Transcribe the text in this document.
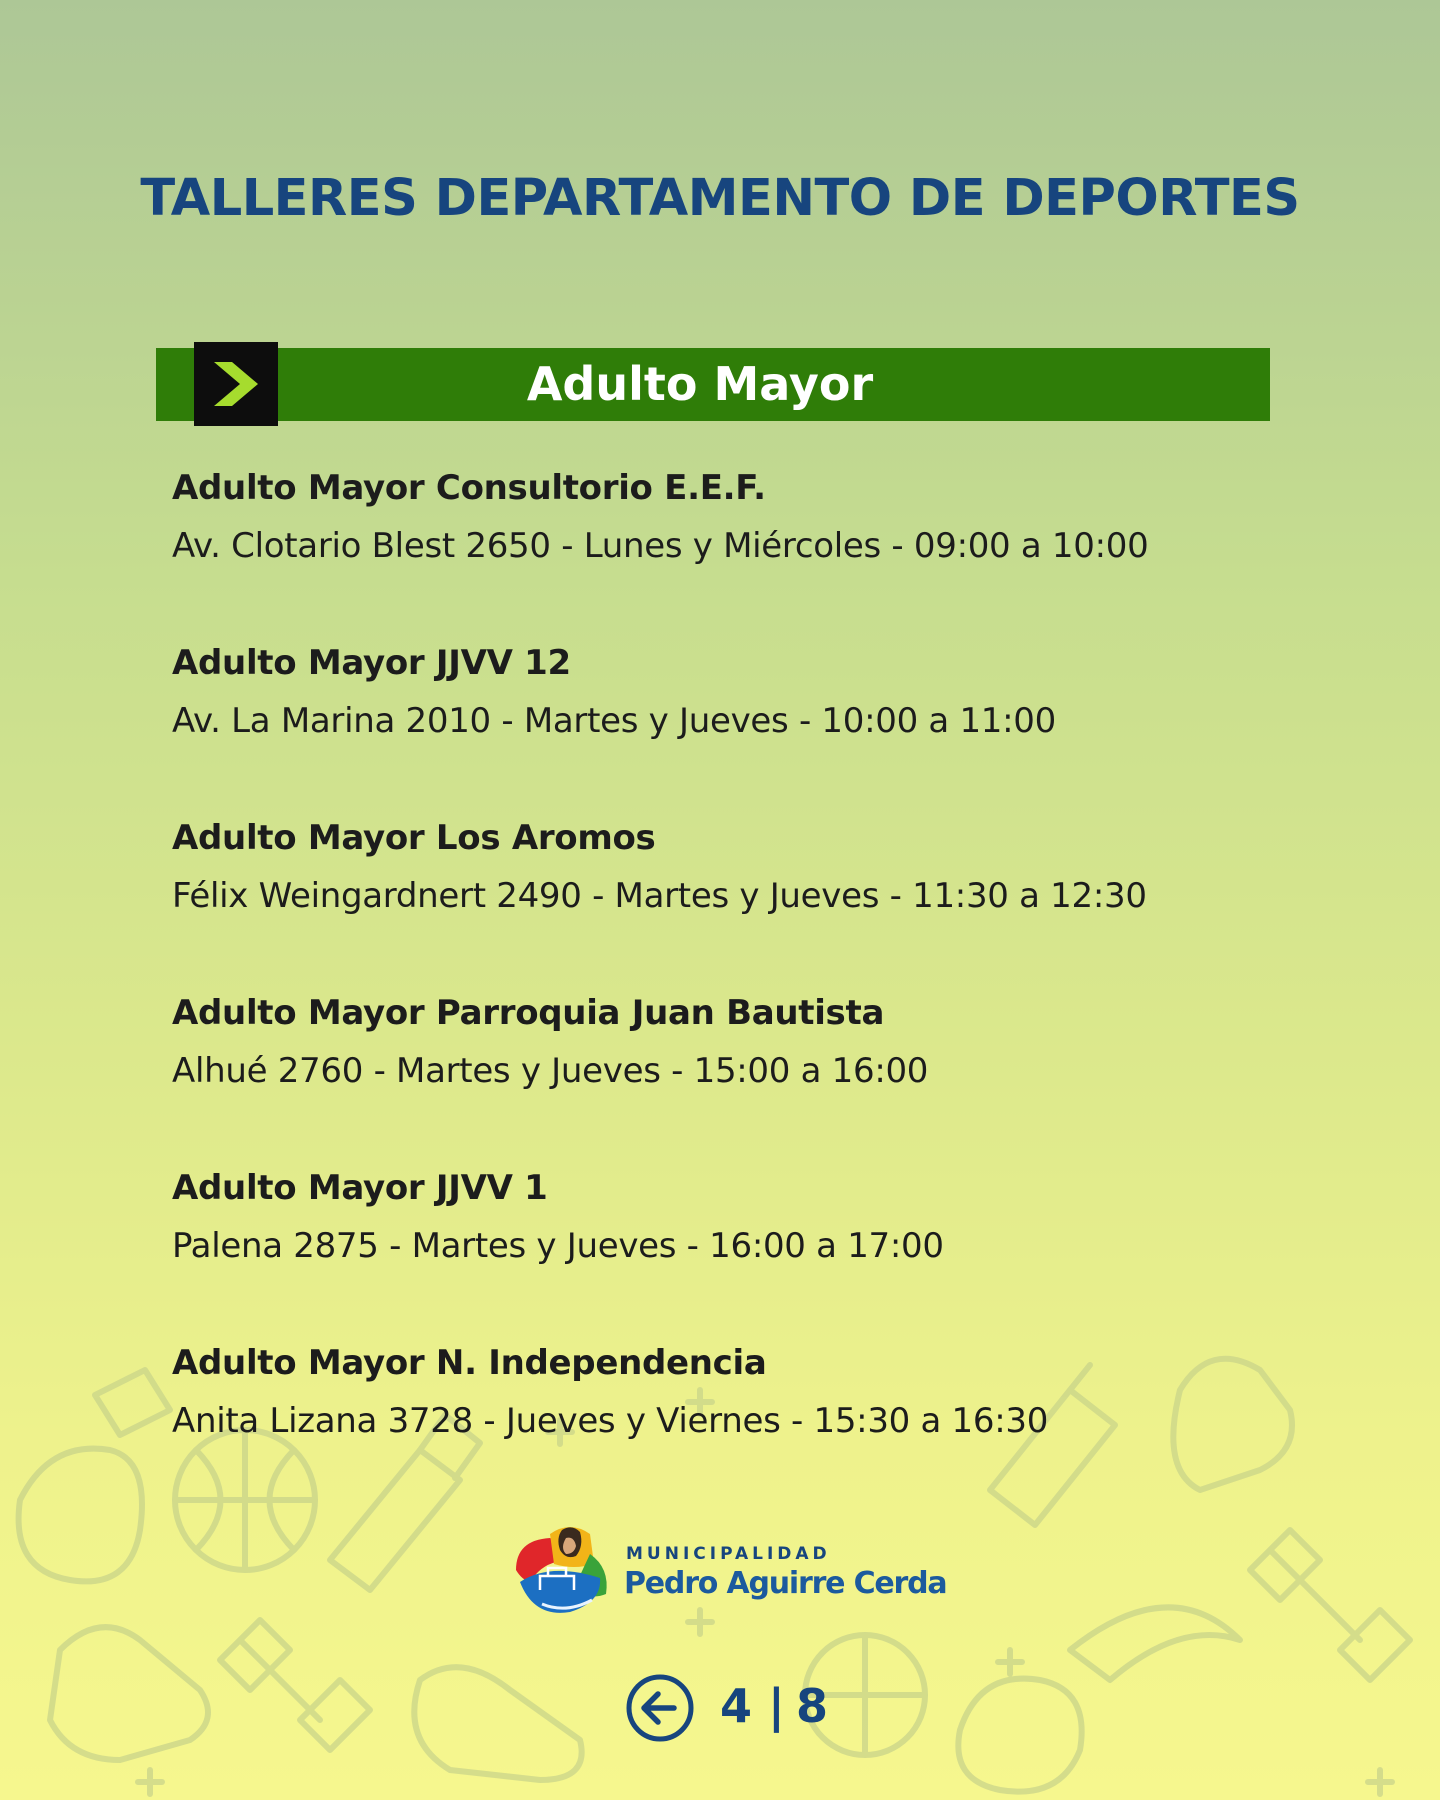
TALLERES DEPARTAMENTO DE DEPORTES
Adulto Mayor
Adulto Mayor Consultorio E.E.F.
Av. Clotario Blest 2650 - Lunes y Miércoles - 09:00 a 10:00
Adulto Mayor JJVV 12
Av. La Marina 2010 - Martes y Jueves - 10:00 a 11:00
Adulto Mayor Los Aromos
Félix Weingardnert 2490 - Martes y Jueves - 11:30 a 12:30
Adulto Mayor Parroquia Juan Bautista
Alhué 2760 - Martes y Jueves - 15:00 a 16:00
Adulto Mayor JJVV 1
Palena 2875 - Martes y Jueves - 16:00 a 17:00
Adulto Mayor N. Independencia
Anita Lizana 3728 - Jueves y Viernes - 15:30 a 16:30
MUNICIPALIDAD
Pedro Aguirre Cerda
4 | 8
